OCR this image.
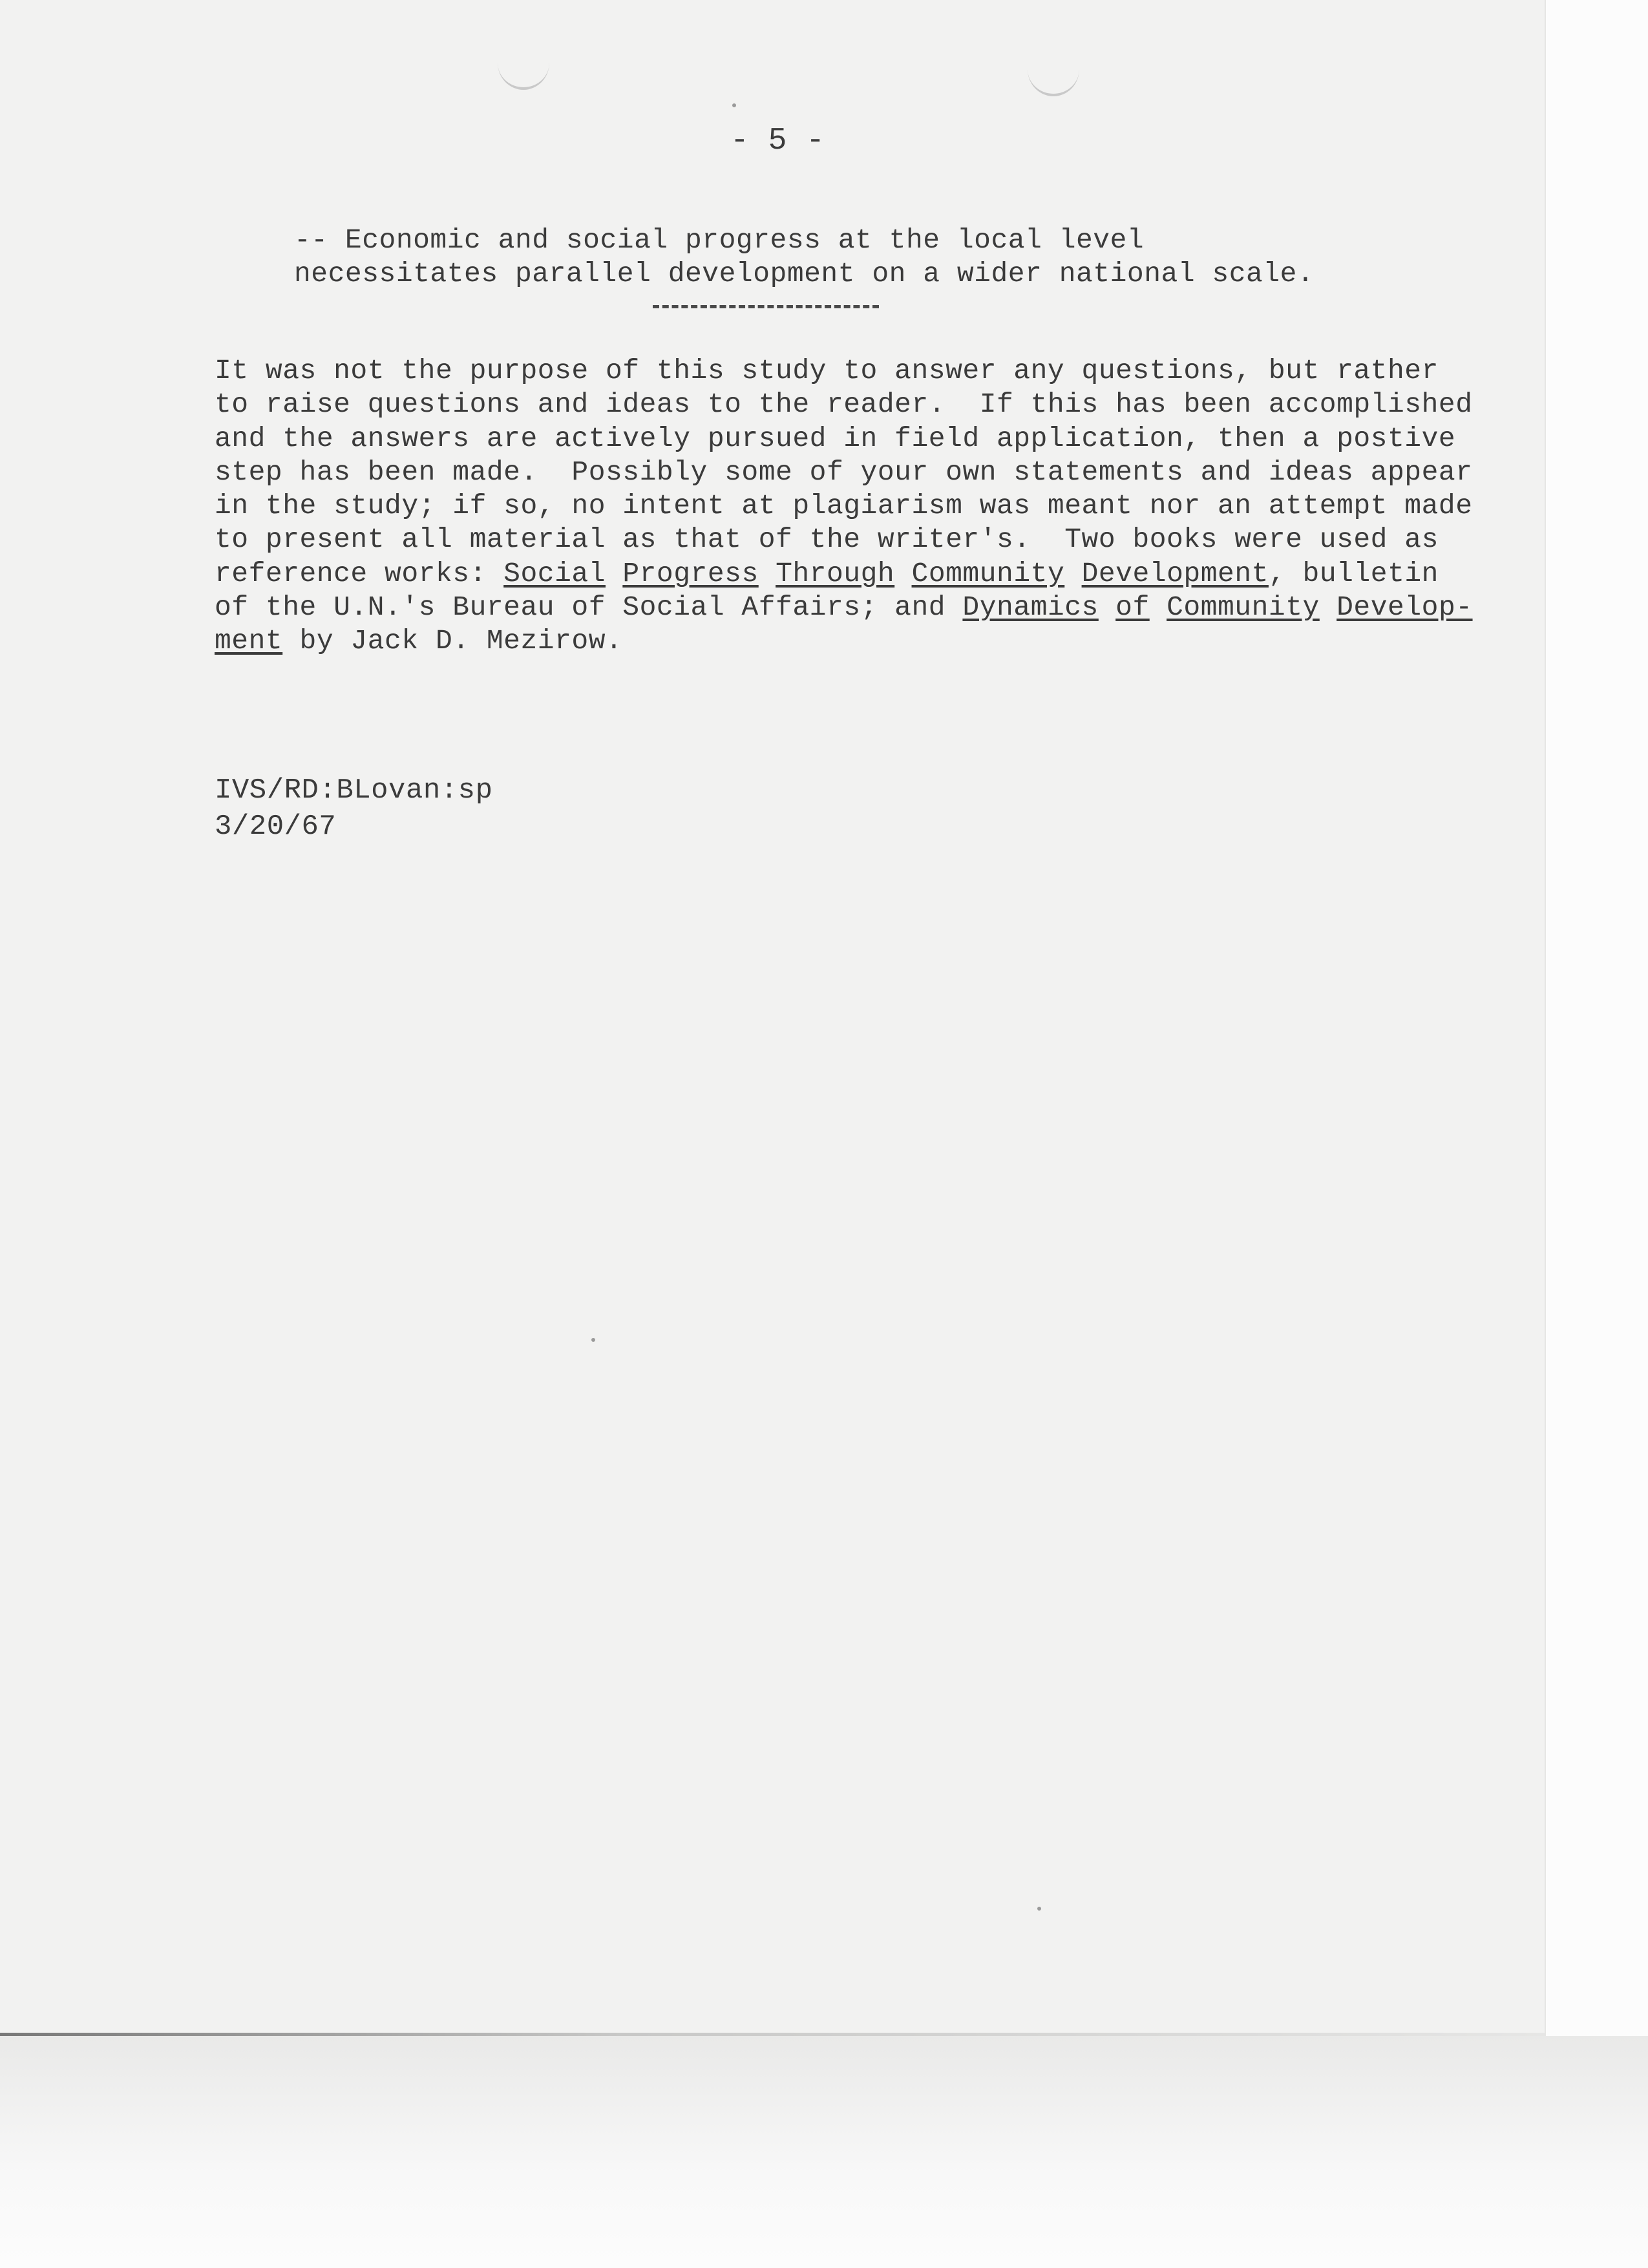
- 5 -
-- Economic and social progress at the local level
necessitates parallel development on a wider national scale.
It was not the purpose of this study to answer any questions, but rather
to raise questions and ideas to the reader.  If this has been accomplished
and the answers are actively pursued in field application, then a postive
step has been made.  Possibly some of your own statements and ideas appear
in the study; if so, no intent at plagiarism was meant nor an attempt made
to present all material as that of the writer's.  Two books were used as
reference works: Social Progress Through Community Development, bulletin
of the U.N.'s Bureau of Social Affairs; and Dynamics of Community Develop-
ment by Jack D. Mezirow.
IVS/RD:BLovan:sp
3/20/67
